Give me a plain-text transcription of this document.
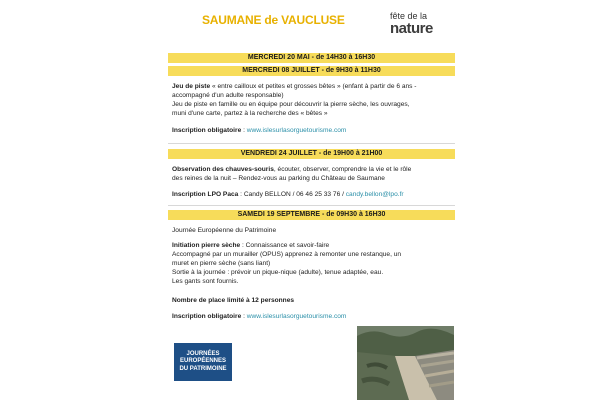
SAUMANE de VAUCLUSE	fête de la
nature
MERCREDI 20 MAI - de 14H30 à 16H30
MERCREDI 08 JUILLET - de 9H30 à 11H30
Jeu de piste « entre cailloux et petites et grosses bêtes » (enfant à partir de 6 ans -
accompagné d'un adulte responsable)
Jeu de piste en famille ou en équipe pour découvrir la pierre sèche, les ouvrages,
muni d'une carte, partez à la recherche des « bêtes »
Inscription obligatoire : www.islesurlasorguetourisme.com
VENDREDI 24 JUILLET - de 19H00 à 21H00
Observation des chauves-souris, écouter, observer, comprendre la vie et le rôle
des reines de la nuit – Rendez-vous au parking du Château de Saumane
Inscription LPO Paca : Candy BELLON / 06 46 25 33 76 / candy.bellon@lpo.fr
SAMEDI 19 SEPTEMBRE - de 09H30 à 16H30
Journée Européenne du Patrimoine
Initiation pierre sèche : Connaissance et savoir-faire
Accompagné par un murailler (OPUS) apprenez à remonter une restanque, un
muret en pierre sèche (sans liant)
Sortie à la journée : prévoir un pique-nique (adulte), tenue adaptée, eau.
Les gants sont fournis.
Nombre de place limité à 12 personnes
Inscription obligatoire : www.islesurlasorguetourisme.com
JOURNÉES
EUROPÉENNES
DU PATRIMOINE
